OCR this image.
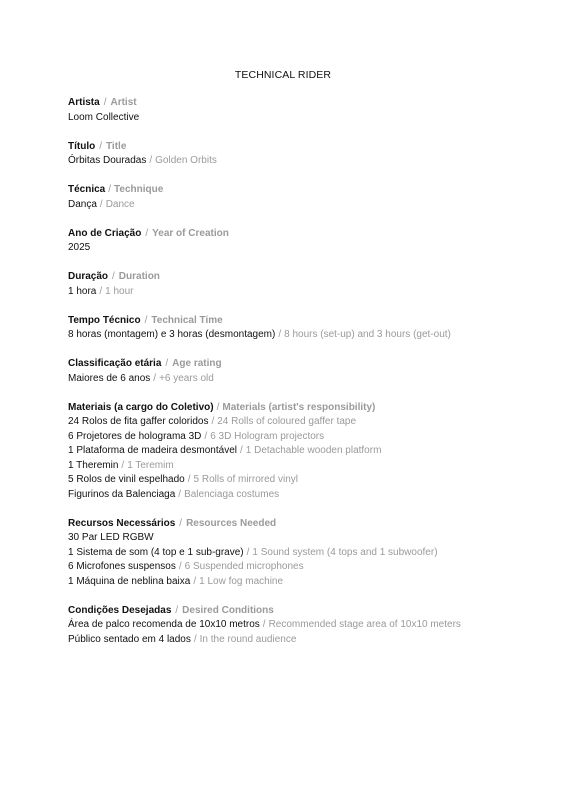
TECHNICAL RIDER
Artista / Artist
Loom Collective
Título / Title
Órbitas Douradas / Golden Orbits
Técnica / Technique
Dança / Dance
Ano de Criação / Year of Creation
2025
Duração / Duration
1 hora / 1 hour
Tempo Técnico / Technical Time
8 horas (montagem) e 3 horas (desmontagem) / 8 hours (set-up) and 3 hours (get-out)
Classificação etária / Age rating
Maiores de 6 anos / +6 years old
Materiais (a cargo do Coletivo) / Materials (artist's responsibility)
24 Rolos de fita gaffer coloridos / 24 Rolls of coloured gaffer tape
6 Projetores de holograma 3D / 6 3D Hologram projectors
1 Plataforma de madeira desmontável / 1 Detachable wooden platform
1 Theremin / 1 Teremim
5 Rolos de vinil espelhado / 5 Rolls of mirrored vinyl
Figurinos da Balenciaga / Balenciaga costumes
Recursos Necessários / Resources Needed
30 Par LED RGBW
1 Sistema de som (4 top e 1 sub-grave) / 1 Sound system (4 tops and 1 subwoofer)
6 Microfones suspensos / 6 Suspended microphones
1 Máquina de neblina baixa / 1 Low fog machine
Condições Desejadas / Desired Conditions
Área de palco recomenda de 10x10 metros / Recommended stage area of 10x10 meters
Público sentado em 4 lados / In the round audience
